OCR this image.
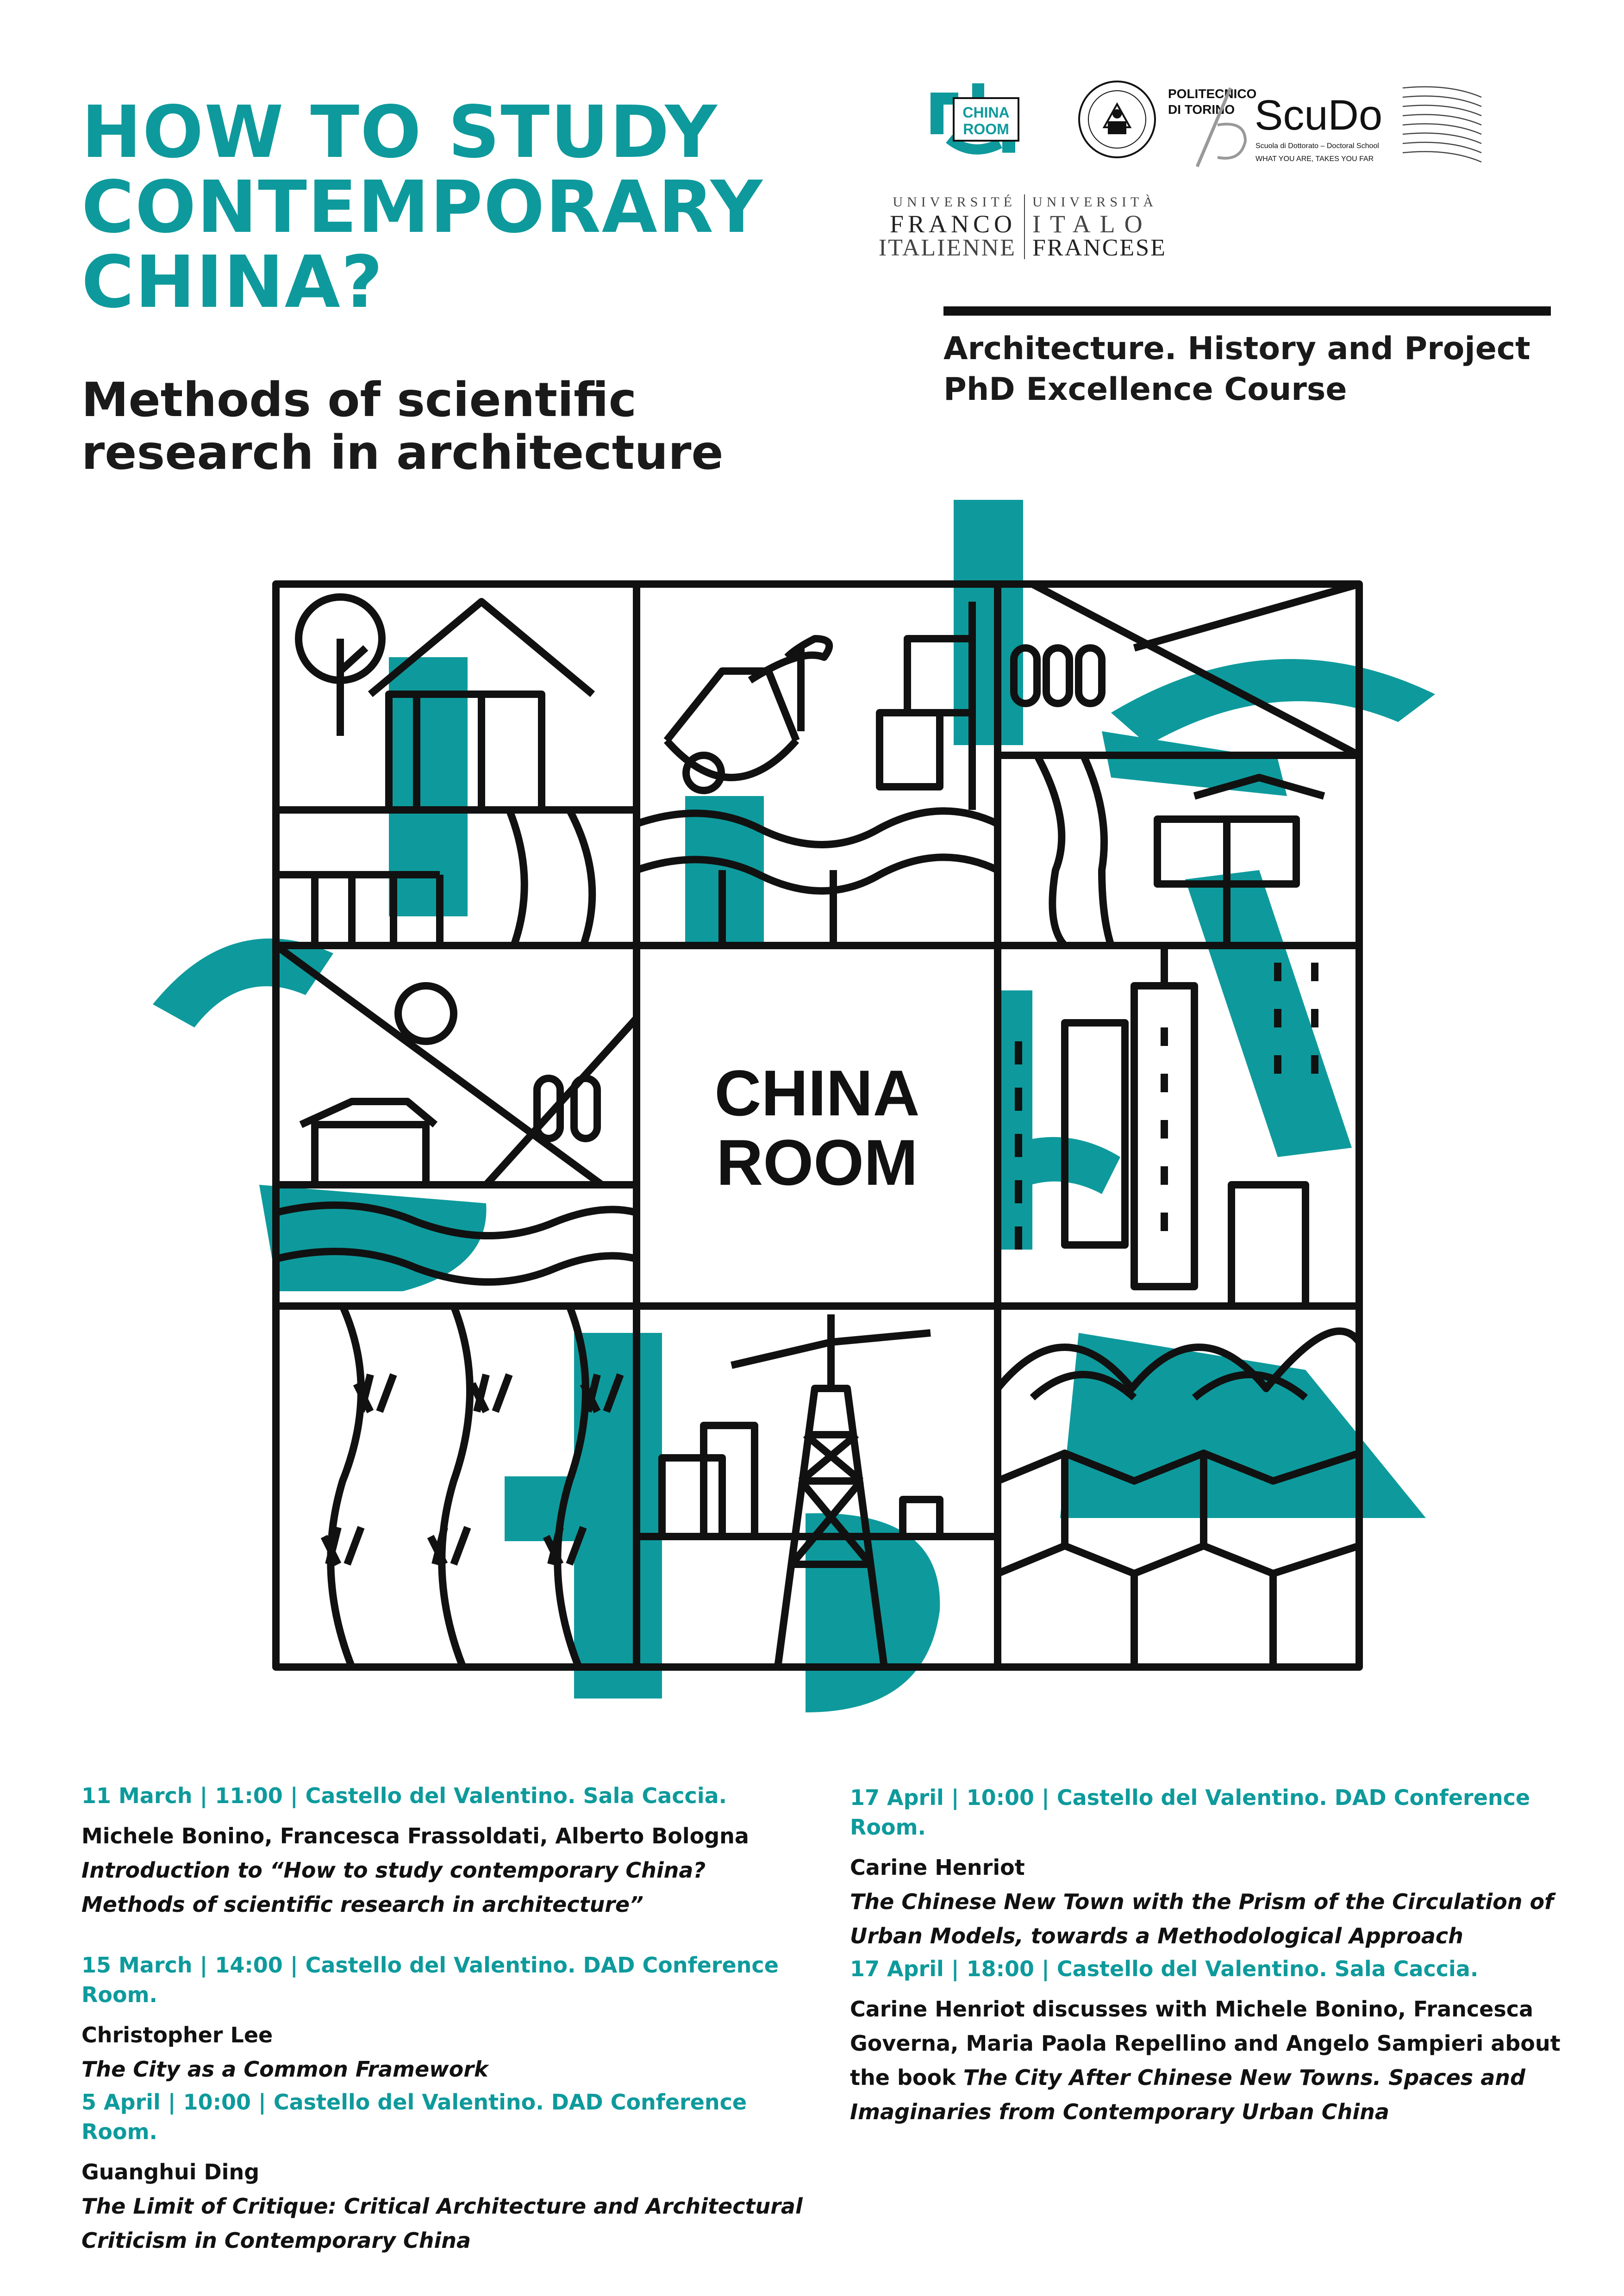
HOW TO STUDY
CONTEMPORARY
CHINA?
Methods of scientific
research in architecture
CHINA
ROOM
POLITECNICO
DI TORINO ScuDo
Scuola di Dottorato – Doctoral School
WHAT YOU ARE, TAKES YOU FAR
UNIVERSITÉ
FRANCO
ITALIENNE
UNIVERSITÀ
ITALO
FRANCESE
Architecture. History and Project
PhD Excellence Course
CHINA
ROOM
11 March | 11:00 | Castello del Valentino. Sala Caccia.
Michele Bonino, Francesca Frassoldati, Alberto Bologna
Introduction to “How to study contemporary China? Methods of scientific research in architecture”
15 March | 14:00 | Castello del Valentino. DAD Conference Room.
Christopher Lee
The City as a Common Framework
5 April | 10:00 | Castello del Valentino. DAD Conference Room.
Guanghui Ding
The Limit of Critique: Critical Architecture and Architectural Criticism in Contemporary China
17 April | 10:00 | Castello del Valentino. DAD Conference Room.
Carine Henriot
The Chinese New Town with the Prism of the Circulation of Urban Models, towards a Methodological Approach
17 April | 18:00 | Castello del Valentino. Sala Caccia.
Carine Henriot discusses with Michele Bonino, Francesca Governa, Maria Paola Repellino and Angelo Sampieri about the book The City After Chinese New Towns. Spaces and Imaginaries from Contemporary Urban China
